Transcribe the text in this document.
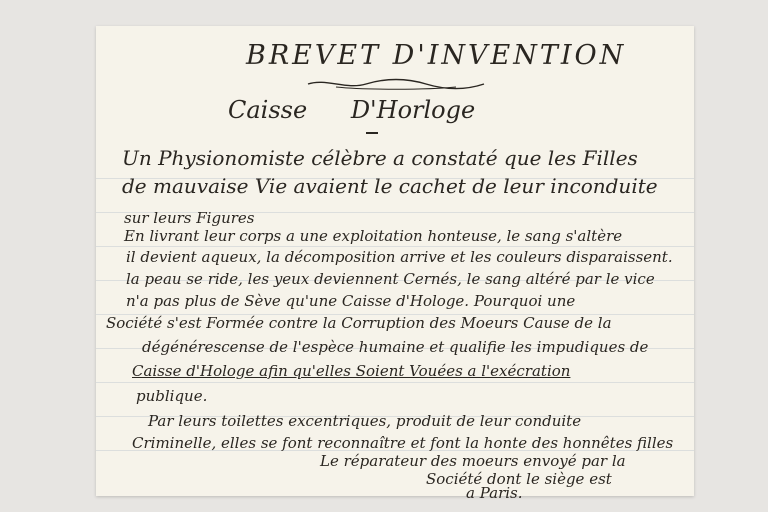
BREVET D'INVENTION
Caisse D'Horloge
Un Physionomiste célèbre a constaté que les Filles
de mauvaise Vie avaient le cachet de leur inconduite
sur leurs Figures
En livrant leur corps a une exploitation honteuse, le sang s'altère
il devient aqueux, la décomposition arrive et les couleurs disparaissent.
la peau se ride, les yeux deviennent Cernés, le sang altéré par le vice
n'a pas plus de Sève qu'une Caisse d'Hologe. Pourquoi une
Société s'est Formée contre la Corruption des Moeurs Cause de la
dégénérescense de l'espèce humaine et qualifie les impudiques de
Caisse d'Hologe afin qu'elles Soient Vouées a l'exécration
publique.
Par leurs toilettes excentriques, produit de leur conduite
Criminelle, elles se font reconnaître et font la honte des honnêtes filles
Le réparateur des moeurs envoyé par la
Société dont le siège est
a Paris.
